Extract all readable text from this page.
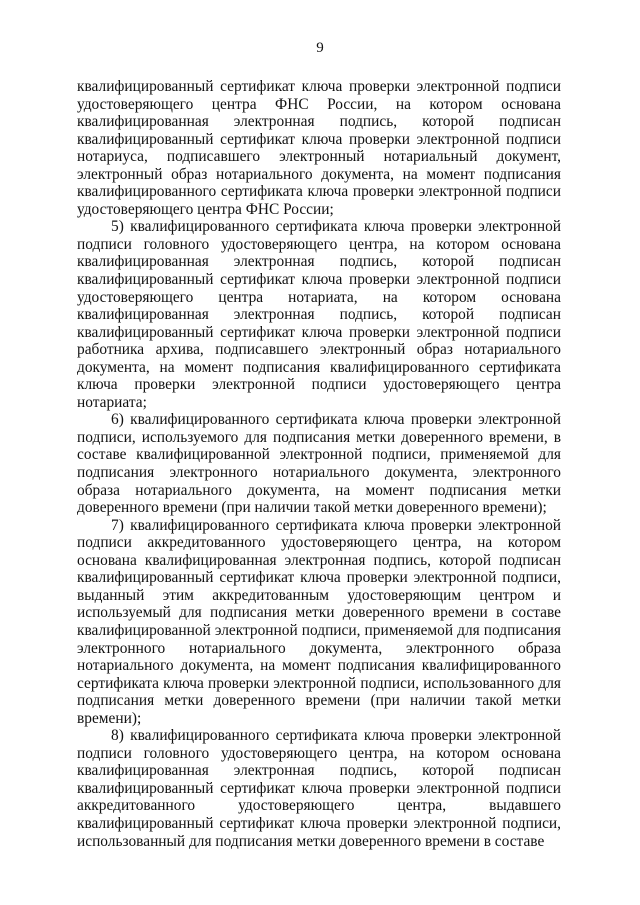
9

квалифицированный сертификат ключа проверки электронной подписи удостоверяющего центра ФНС России, на котором основана квалифицированная электронная подпись, которой подписан квалифицированный сертификат ключа проверки электронной подписи нотариуса, подписавшего электронный нотариальный документ, электронный образ нотариального документа, на момент подписания квалифицированного сертификата ключа проверки электронной подписи удостоверяющего центра ФНС России;

5) квалифицированного сертификата ключа проверки электронной подписи головного удостоверяющего центра, на котором основана квалифицированная электронная подпись, которой подписан квалифицированный сертификат ключа проверки электронной подписи удостоверяющего центра нотариата, на котором основана квалифицированная электронная подпись, которой подписан квалифицированный сертификат ключа проверки электронной подписи работника архива, подписавшего электронный образ нотариального документа, на момент подписания квалифицированного сертификата ключа проверки электронной подписи удостоверяющего центра нотариата;

6) квалифицированного сертификата ключа проверки электронной подписи, используемого для подписания метки доверенного времени, в составе квалифицированной электронной подписи, применяемой для подписания электронного нотариального документа, электронного образа нотариального документа, на момент подписания метки доверенного времени (при наличии такой метки доверенного времени);

7) квалифицированного сертификата ключа проверки электронной подписи аккредитованного удостоверяющего центра, на котором основана квалифицированная электронная подпись, которой подписан квалифицированный сертификат ключа проверки электронной подписи, выданный этим аккредитованным удостоверяющим центром и используемый для подписания метки доверенного времени в составе квалифицированной электронной подписи, применяемой для подписания электронного нотариального документа, электронного образа нотариального документа, на момент подписания квалифицированного сертификата ключа проверки электронной подписи, использованного для подписания метки доверенного времени (при наличии такой метки времени);

8) квалифицированного сертификата ключа проверки электронной подписи головного удостоверяющего центра, на котором основана квалифицированная электронная подпись, которой подписан квалифицированный сертификат ключа проверки электронной подписи аккредитованного удостоверяющего центра, выдавшего квалифицированный сертификат ключа проверки электронной подписи, использованный для подписания метки доверенного времени в составе
